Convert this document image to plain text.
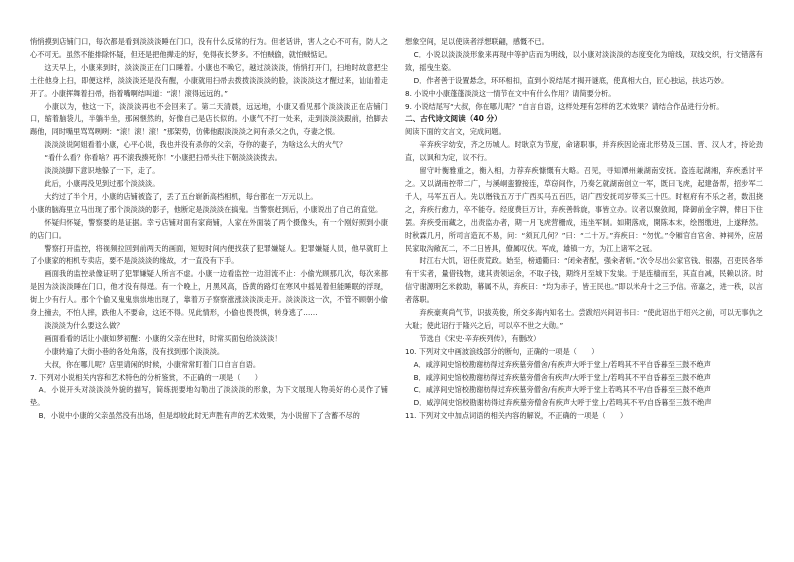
悄悄摸到店铺门口，每次都是看到淡淡淡睡在门口，没有什么反常的行为。但老话讲，害人之心不可有，防人之心不可无。虽然不能排除怀疑，但还是把他撵走的好，免得夜长梦多。不怕贼偷，就怕贼惦记。

这天早上，小康来到时，淡淡淡正在门口睡着。小康也不唤它，越过淡淡淡，悄悄打开门，扫地时故意把尘土往他身上扫，即便这样，淡淡淡还是没有醒，小康就用扫帚去拨拨淡淡淡的脸，淡淡淡这才醒过来，讪讪着走开了。小康挥舞着扫帚，指着嘴啊结叫道：“滚！滚得远远的。”

小康以为，他这一下，淡淡淡再也不会回来了。第二天清晨，远远地，小康又看见那个淡淡淡正在店铺门口，缩着脑袋儿，半躺半坐，那闲惬然的，好像自己是店长似的。小康气不打一处来，走到淡淡淡跟前，抬脚去踢他，同时嘴里骂骂咧咧：“滚！滚！滚！”那架势，仿佛他跟淡淡淡之间有杀父之仇，夺妻之恨。

淡淡淡说阿姐看着小康，心平心说，我也并没有杀你的父亲，夺你的妻子，为啥这么大的火气？

“看什么看？你看啥？再不滚我揍死你！”小康把扫帚头往下朝淡淡淡拨去。

淡淡淡脚下意识地躲了一下，走了。

此后，小康再没见到过那个淡淡淡。

大约过了半个月，小康的店铺被盗了，丢了五台崭新高档相机，每台都在一万元以上。

小康的脑海里立马出现了那个淡淡淡的影子，他断定是淡淡淡在搞鬼。当警察赶到后，小康说出了自己的直觉。

怀疑归怀疑，警察要的是证据。幸亏店铺对面有家商铺，人家在外面装了两个摄像头，有一个刚好照到小康的店门口。

警察打开监控，将视频拉回到前两天的画面，短短时间内便找获了犯罪嫌疑人。犯罪嫌疑人员，他早就盯上了小康家的相机专卖店，要不是淡淡淡的缘故，才一直没有下手。

画面我的监控录像证明了犯罪嫌疑人所言不虚。小康一边看监控一边泪流不止：小偷光顾那几次，每次来都是因为淡淡淡睡在门口，他才没有得逞。有一个晚上，月黑风高，昏黄的路灯在寒风中摇晃着但能睡眠的浮现，街上少有行人。那个个偷又鬼鬼祟祟地出现了，靠着万子察察涨涨淡淡淡走开。淡淡淡这一次，不管不顾朝小偷身上撞去，不怕人摔，跌他人不要命，这还不得。见此情形，小偷也畏畏惧，转身逃了……

淡淡淡为什么要这么做？

画面看看的话让小康如梦初醒：小康的父亲在世时，时常买面包给淡淡淡！

小康转遍了大街小巷的各处角落，没有找到那个淡淡淡。

大叔，你在哪儿呢？店里请闲的时候，小康常常盯着门口自言自语。

7. 下列对小说相关内容和艺术特色的分析鉴赏，不正确的一项是（　　）

A．小说开头对淡淡淡外貌的描写，简练扼要地勾勒出了淡淡淡的形象，为下文展现人物美好的心灵作了铺垫。

B．小说中小康的父亲虽然没有出场，但是却较此时无声胜有声的艺术效果，为小说留下了含蓄不尽的

想象空间，足以使读者浮想联翩，感慨不已。

C．小说以淡淡淡形象来再现中等护店而为明线，以小康对淡淡淡的态度变化为暗线，双线交织，行文错落有致，摇曳生姿。

D．作者善于设置悬念，环环相扣，直到小说结尾才揭开谜底，使真相大白，匠心独运，扶达巧妙。

8. 小说中小康蓬蓬淡淡这一情节在文中有什么作用？请简要分析。

9. 小说结尾写“大叔，你在哪儿呢？”自言自语，这样处理有怎样的艺术效果？请结合作品进行分析。

二、古代诗文阅读（40 分）

阅读下面的文言文，完成问题。

辛弃疾字幼安，齐之历城人。时耿京为节度，命诸职事，并弃疾因论南北形势及三国、晋、汉人才，持论劲直，以讽和为定，议不行。

留守叶衡雅重之，衡入相，力荐弃疾慷慨有大略。召见，寻知潭州兼湖南安抚。盗连起湖湘，弃疾悉讨平之。又以湖南控带二广，与溪峒蛮獠接连，草窃间作，乃奏乞就湖南创立一军，既曰飞虎，起建备帮，招步军二千人，马军五百人。先以缗钱五万于广西买马五百匹，诏广西安抚司岁带买三十匹。时枢府有不乐之者，数沮挠之，弃疾行愈力，卒不能夺。经度费巨万计，弃疾善斡旋，事皆立办。议者以聚敛闻，降御前金字牌，俾日下住罢。弃疾受而藏之，出责监办者，期一月飞虎营栅成，违坐军制。如期落成，開陈本末，绘图缴进，上遂释然。时秋霖几月，所司言造瓦不易，问：“须瓦几何？”曰：“二十万。”弃疾曰：“勿忧。”令厢官自官舍、神祠外，应居民家取沟敞瓦二，不二日皆具，僚属叹伏。军成，雄镇一方，为江上诸军之冠。

时江右大饥，诏任责荒政。始至，榜通衢曰：“闭籴者配，强籴者斩。”次令尽出公家官钱、银器，召吏民各举有干实者，量借钱物，逮其责领运余，不取子钱，期终月至城下发粜。于是连樯而至，其直自减，民赖以济。时信守谢源明乞米救助，幕属不从，弃疾曰：“均为赤子，皆王民也。”即以米舟十之三予信。帝嘉之，进一秩，以言者落职。

弃疾豪爽尚气节，识拔英俊，所交多海内知名士。尝跋绍兴间诏书曰：“使此诏出于绍兴之前，可以无事仇之大耻；使此诏行于隆兴之后，可以卒不世之大勋。”

节选自《宋史·辛弃疾列传》，有删改）

10. 下列对文中画波浪线部分的断句，正确的一项是（　　）

A．咸淳间史馆校勘谢枋得过弃疾墓旁僧舍/有疾声大呼于堂上/若鸣其不平自昏暮至三鼓不绝声

B．咸淳间史馆校勘谢枋得过弃疾墓旁僧舍有疾声/大呼于堂上/若鸣其不平自昏暮至三鼓不绝声

C．咸淳间史馆校勘谢枋得过弃疾墓旁僧舍/有疾声大呼于堂上若鸣其不平/自昏暮至三鼓不绝声

D．咸淳间史馆校勘谢枋得过弃疾墓旁僧舍有疾声大呼于堂上/若鸣其不平/自昏暮至三鼓不绝声

11. 下列对文中加点词语的相关内容的解说，不正确的一项是（　　）
